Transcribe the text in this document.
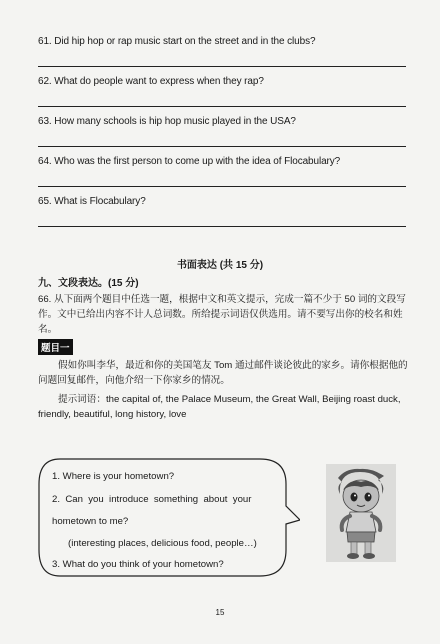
61. Did hip hop or rap music start on the street and in the clubs?
62. What do people want to express when they rap?
63. How many schools is hip hop music played in the USA?
64. Who was the first person to come up with the idea of Flocabulary?
65. What is Flocabulary?
书面表达 (共 15 分)
九、文段表达。(15 分)
66. 从下面两个题目中任选一题，根据中文和英文提示，完成一篇不少于 50 词的文段写作。文中已给出内容不计人总词数。所给提示词语仅供选用。请不要写出你的校名和姓名。
题目一
假如你叫李华，最近和你的美国笔友 Tom 通过邮件谈论彼此的家乡。请你根据他的问题回复邮件，向他介绍一下你家乡的情况。
提示词语：the capital of, the Palace Museum, the Great Wall, Beijing roast duck, friendly, beautiful, long history, love
1. Where is your hometown?
2.  Can  you  introduce  something  about  your
hometown to me?
(interesting places, delicious food, people…)
3. What do you think of your hometown?
15
